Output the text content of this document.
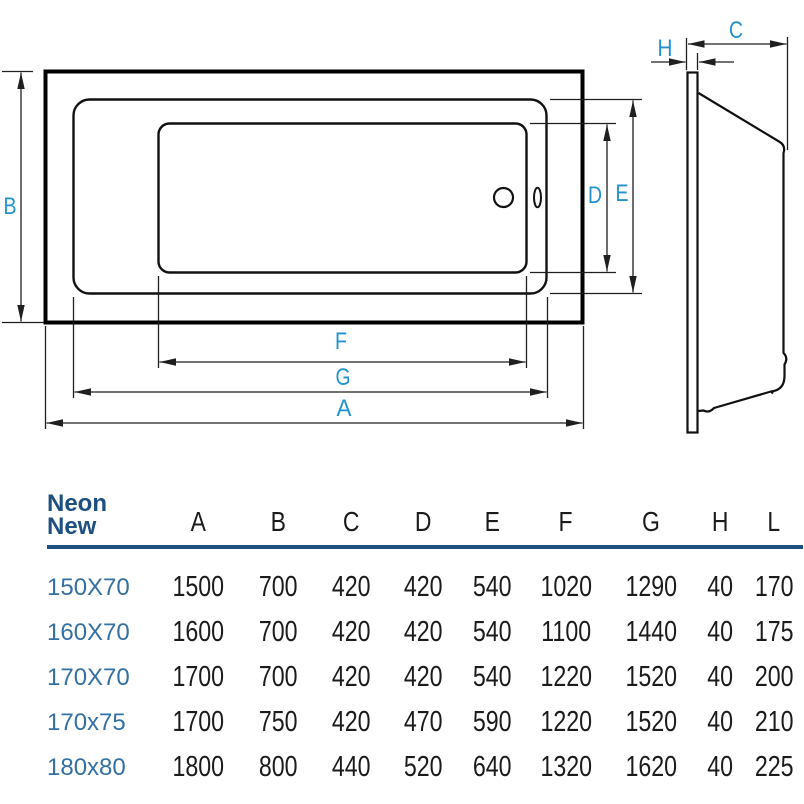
B	D E
F
G
A
H
C
Neon
New	A	B	C	D	E	F	G	H	L
150X70	1500	700	420	420	540 1020	1290	40 170
160X70	1600	700	420	420	540	1100	1440	40 175
170X70	1700	700	420	420	540 1220	1520	40 200
170x75	1700	750	420	470	590 1220	1520	40 210
180x80	1800	800	440	520	640 1320	1620	40 225
